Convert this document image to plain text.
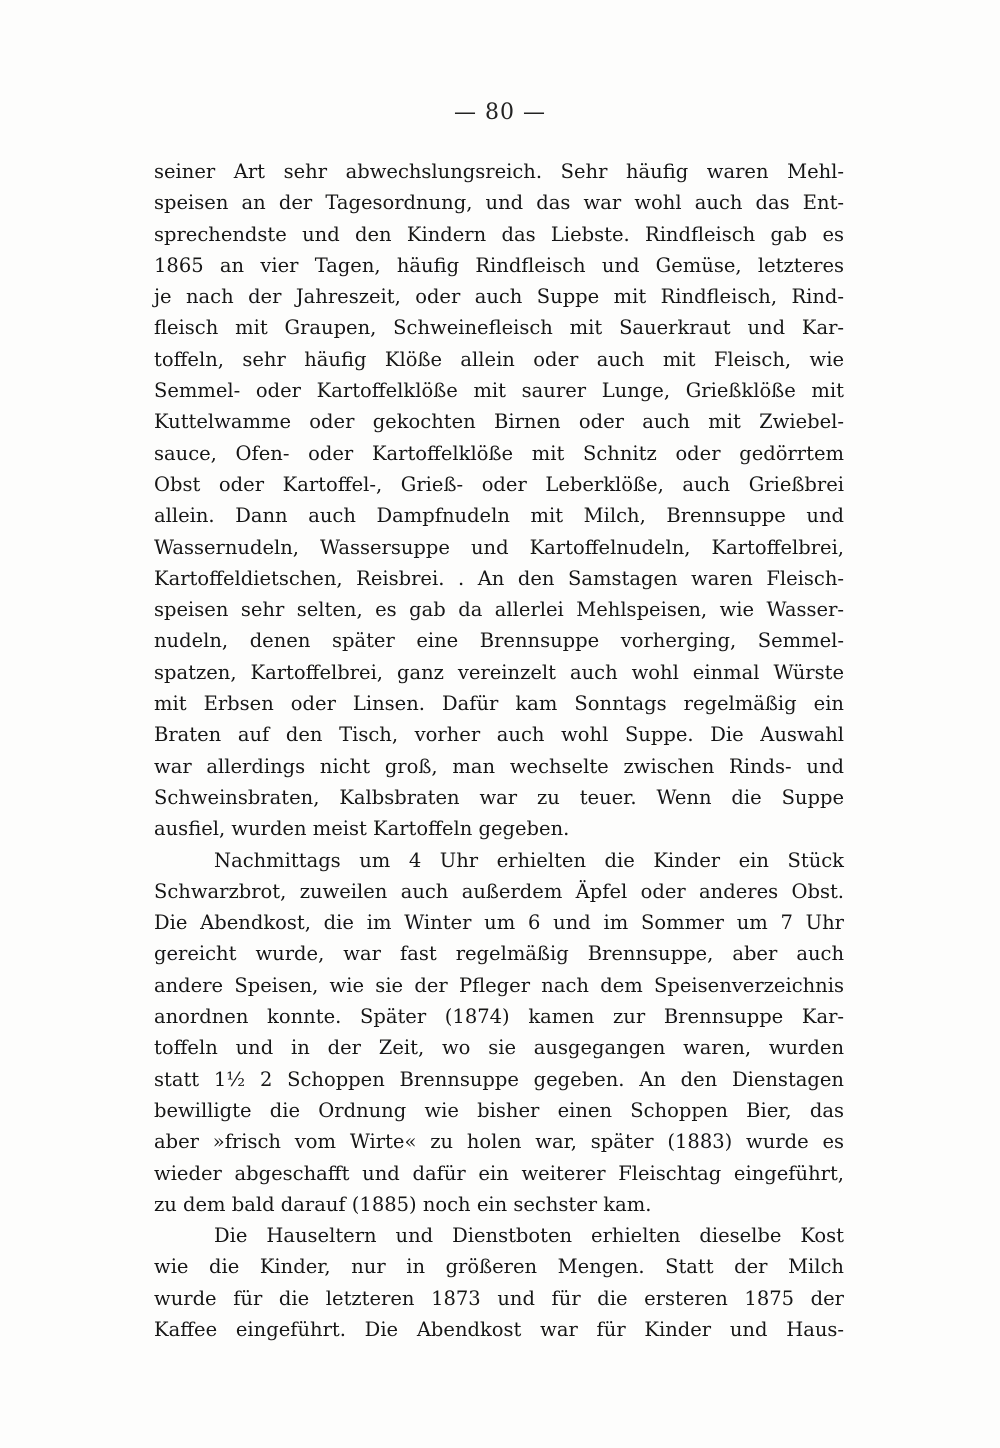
— 80 —
seiner Art sehr abwechslungsreich. Sehr häufig waren Mehl-
speisen an der Tagesordnung, und das war wohl auch das Ent-
sprechendste und den Kindern das Liebste. Rindfleisch gab es
1865 an vier Tagen, häufig Rindfleisch und Gemüse, letzteres
je nach der Jahreszeit, oder auch Suppe mit Rindfleisch, Rind-
fleisch mit Graupen, Schweinefleisch mit Sauerkraut und Kar-
toffeln, sehr häufig Klöße allein oder auch mit Fleisch, wie
Semmel- oder Kartoffelklöße mit saurer Lunge, Grießklöße mit
Kuttelwamme oder gekochten Birnen oder auch mit Zwiebel-
sauce, Ofen- oder Kartoffelklöße mit Schnitz oder gedörrtem
Obst oder Kartoffel-, Grieß- oder Leberklöße, auch Grießbrei
allein. Dann auch Dampfnudeln mit Milch, Brennsuppe und
Wassernudeln, Wassersuppe und Kartoffelnudeln, Kartoffelbrei,
Kartoffeldietschen, Reisbrei. . An den Samstagen waren Fleisch-
speisen sehr selten, es gab da allerlei Mehlspeisen, wie Wasser-
nudeln, denen später eine Brennsuppe vorherging, Semmel-
spatzen, Kartoffelbrei, ganz vereinzelt auch wohl einmal Würste
mit Erbsen oder Linsen. Dafür kam Sonntags regelmäßig ein
Braten auf den Tisch, vorher auch wohl Suppe. Die Auswahl
war allerdings nicht groß, man wechselte zwischen Rinds- und
Schweinsbraten, Kalbsbraten war zu teuer. Wenn die Suppe
ausfiel, wurden meist Kartoffeln gegeben.
Nachmittags um 4 Uhr erhielten die Kinder ein Stück
Schwarzbrot, zuweilen auch außerdem Äpfel oder anderes Obst.
Die Abendkost, die im Winter um 6 und im Sommer um 7 Uhr
gereicht wurde, war fast regelmäßig Brennsuppe, aber auch
andere Speisen, wie sie der Pfleger nach dem Speisenverzeichnis
anordnen konnte. Später (1874) kamen zur Brennsuppe Kar-
toffeln und in der Zeit, wo sie ausgegangen waren, wurden
statt 1½ 2 Schoppen Brennsuppe gegeben. An den Dienstagen
bewilligte die Ordnung wie bisher einen Schoppen Bier, das
aber »frisch vom Wirte« zu holen war, später (1883) wurde es
wieder abgeschafft und dafür ein weiterer Fleischtag eingeführt,
zu dem bald darauf (1885) noch ein sechster kam.
Die Hauseltern und Dienstboten erhielten dieselbe Kost
wie die Kinder, nur in größeren Mengen. Statt der Milch
wurde für die letzteren 1873 und für die ersteren 1875 der
Kaffee eingeführt. Die Abendkost war für Kinder und Haus-
